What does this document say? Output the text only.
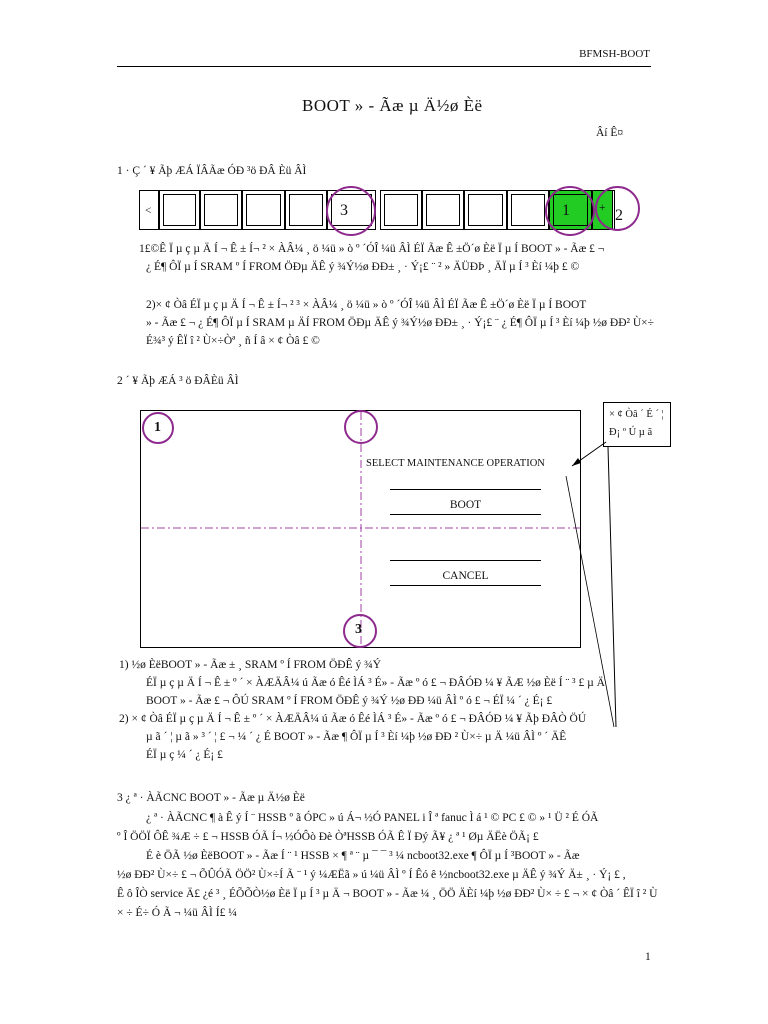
BFMSH-BOOT
BOOT » - Ãæ µ Ä½ø Èë
Âí Ê¤
1 · Ç ´ ¥ Ãþ ÆÁ ÏÂÃæ ÓÐ ³ö ÐÂ Èü ÂÌ
<	3	1	+ 2
1£©Ê Ï µ ç µ Ä Í ¬ Ê ± Í¬ ² × ÀÂ¼ ¸ ö ¼ü » ò º ´ÓÎ ¼ü ÂÌ ÉÏ Ãæ Ê ±Ö´ø Èë Ï µ Í BOOT » - Ãæ £ ¬
¿ É¶ ÔÏ µ Í SRAM º Í FROM ÖÐµ ÄÊ ý ¾Ý½ø ÐÐ± ¸ · Ý¡£ ¨ ² » ÄÜÐÞ ¸ ÄÏ µ Í ³ Èí ¼þ £ ©
2)× ¢ Òâ ÉÏ µ ç µ Ä Í ¬ Ê ± Í¬ ² ³ × ÀÂ¼ ¸ ö ¼ü » ò º ´ÓÎ ¼ü ÂÌ ÉÏ Ãæ Ê ±Ö´ø Èë Ï µ Í BOOT
» - Ãæ £ ¬ ¿ É¶ ÔÏ µ Í SRAM µ ÄÍ FROM ÖÐµ ÄÊ ý ¾Ý½ø ÐÐ± ¸ · Ý¡£ ¨ ¿ É¶ ÔÏ µ Í ³ Èí ¼þ ½ø ÐÐ² Ù×÷
É¾³ ý ÊÏ î ² Ù×÷Òª ¸ ñ Í â × ¢ Òâ £ ©
2 ´ ¥ Ãþ ÆÁ ³ ö ÐÂÈü ÂÌ
× ¢ Òâ ´ É ´ ¦
Ð¡ º Ú µ ã
1
3
SELECT MAINTENANCE OPERATION
BOOT
CANCEL
1) ½ø ÈëBOOT » - Ãæ ± ¸ SRAM º Í FROM ÖÐÊ ý ¾Ý
ÉÏ µ ç µ Ä Í ¬ Ê ± º ´ × ÀÆÄÂ¼ ú Ãæ ó Êé ÌÁ ³ É» - Ãæ º ó £ ¬ ÐÂÓÐ ¼ ¥ ÃÆ ½ø Èë Í ¨ ³ £ µ Ä
BOOT » - Ãæ £ ¬ ÔÚ SRAM º Í FROM ÖÐÊ ý ¾Ý ½ø ÐÐ ¼ü ÂÌ º ó £ ¬ ÉÏ ¼ ´ ¿ É¡ £
2) × ¢ Òâ ÉÏ µ ç µ Ä Í ¬ Ê ± º ´ × ÀÆÄÂ¼ ú Ãæ ó Êé ÌÁ ³ É» - Ãæ º ó £ ¬ ÐÂÓÐ ¼ ¥ Ãþ ÐÂÒ ÖÚ
µ ã ´ ¦ µ ã » ³ ´ ¦ £ ¬ ¼ ´ ¿ É BOOT » - Ãæ ¶ ÔÏ µ Í ³ Èí ¼þ ½ø ÐÐ ² Ù×÷ µ Ä ¼ü ÂÌ º ´ ÄÊ
ÉÏ µ ç ¼ ´ ¿ É¡ £
3 ¿ ª · ÀÃCNC BOOT » - Ãæ µ Ä½ø Èë
¿ ª · ÀÃCNC ¶ à Ê ý Í ¨ HSSB º ã ÓPC » ú Á¬ ½Ó PANEL i Î ª fanuc Ì á ¹ © PC £ © » ¹ Ü ² É ÓÃ
º Î ÖÖÏ ÔÊ ¾Æ ÷ £ ¬ HSSB ÓÃ Í¬ ½ÓÔò Ðè ÒªHSSB ÓÃ Ê Ï Ðý Ã¥ ¿ ª ¹ Øµ ÄËè ÖÃ¡ £
É è ÖÃ ½ø ÈëBOOT » - Ãæ Í ¨ ¹ HSSB × ¶ ª ¨ µ ¯ ¯ ³ ¼ ncboot32.exe ¶ ÔÏ µ Í ³BOOT » - Ãæ
½ø ÐÐ² Ù×÷ £ ¬ ÕÛÓÃ ÖÖ² Ù×÷Í Ã ¨ ¹ ý ¼ÆËã » ú ¼ü ÂÌ º Í Êó ê ½ncboot32.exe µ ÄÊ ý ¾Ý Ä± ¸ · Ý¡ £ ,
Ê ô ÎÒ service Ä£ ¿é ³ ¸ ÉÕÕÒ½ø Èë Ï µ Í ³ µ Ä ¬ BOOT » - Ãæ ¼ ¸ ÖÖ ÄÈí ¼þ ½ø ÐÐ² Ù× ÷ £ ¬ × ¢ Òâ ´ ÊÏ î ² Ù
× ÷ É÷ Ó Ã ¬ ¼ü ÂÌ Í£ ¼
1
